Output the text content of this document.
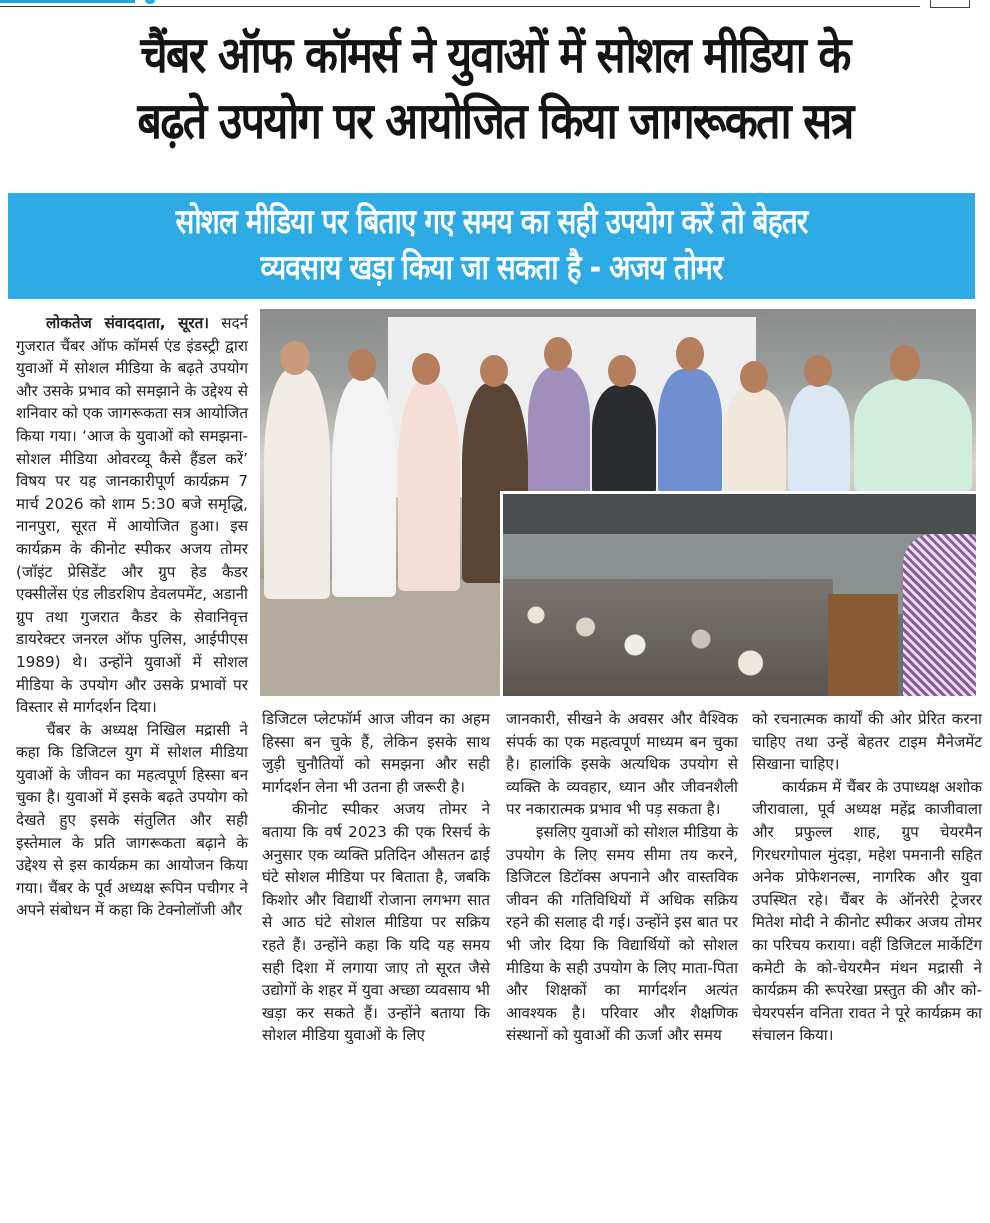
चैंबर ऑफ कॉमर्स ने युवाओं में सोशल मीडिया के
बढ़ते उपयोग पर आयोजित किया जागरूकता सत्र
सोशल मीडिया पर बिताए गए समय का सही उपयोग करें तो बेहतर
व्यवसाय खड़ा किया जा सकता है - अजय तोमर

लोकतेज संवाददाता, सूरत। सदर्न गुजरात चैंबर ऑफ कॉमर्स एंड इंडस्ट्री द्वारा युवाओं में सोशल मीडिया के बढ़ते उपयोग और उसके प्रभाव को समझाने के उद्देश्य से शनिवार को एक जागरूकता सत्र आयोजित किया गया। ‘आज के युवाओं को समझना- सोशल मीडिया ओवरव्यू कैसे हैंडल करें’ विषय पर यह जानकारीपूर्ण कार्यक्रम 7 मार्च 2026 को शाम 5:30 बजे समृद्धि, नानपुरा, सूरत में आयोजित हुआ। इस कार्यक्रम के कीनोट स्पीकर अजय तोमर (जॉइंट प्रेसिडेंट और ग्रुप हेड कैडर एक्सीलेंस एंड लीडरशिप डेवलपमेंट, अडानी ग्रुप तथा गुजरात कैडर के सेवानिवृत्त डायरेक्टर जनरल ऑफ पुलिस, आईपीएस 1989) थे। उन्होंने युवाओं में सोशल मीडिया के उपयोग और उसके प्रभावों पर विस्तार से मार्गदर्शन दिया।

चैंबर के अध्यक्ष निखिल मद्रासी ने कहा कि डिजिटल युग में सोशल मीडिया युवाओं के जीवन का महत्वपूर्ण हिस्सा बन चुका है। युवाओं में इसके बढ़ते उपयोग को देखते हुए इसके संतुलित और सही इस्तेमाल के प्रति जागरूकता बढ़ाने के उद्देश्य से इस कार्यक्रम का आयोजन किया गया। चैंबर के पूर्व अध्यक्ष रूपिन पचीगर ने अपने संबोधन में कहा कि टेक्नोलॉजी और

डिजिटल प्लेटफॉर्म आज जीवन का अहम हिस्सा बन चुके हैं, लेकिन इसके साथ जुड़ी चुनौतियों को समझना और सही मार्गदर्शन लेना भी उतना ही जरूरी है।

कीनोट स्पीकर अजय तोमर ने बताया कि वर्ष 2023 की एक रिसर्च के अनुसार एक व्यक्ति प्रतिदिन औसतन ढाई घंटे सोशल मीडिया पर बिताता है, जबकि किशोर और विद्यार्थी रोजाना लगभग सात से आठ घंटे सोशल मीडिया पर सक्रिय रहते हैं। उन्होंने कहा कि यदि यह समय सही दिशा में लगाया जाए तो सूरत जैसे उद्योगों के शहर में युवा अच्छा व्यवसाय भी खड़ा कर सकते हैं। उन्होंने बताया कि सोशल मीडिया युवाओं के लिए

जानकारी, सीखने के अवसर और वैश्विक संपर्क का एक महत्वपूर्ण माध्यम बन चुका है। हालांकि इसके अत्यधिक उपयोग से व्यक्ति के व्यवहार, ध्यान और जीवनशैली पर नकारात्मक प्रभाव भी पड़ सकता है।

इसलिए युवाओं को सोशल मीडिया के उपयोग के लिए समय सीमा तय करने, डिजिटल डिटॉक्स अपनाने और वास्तविक जीवन की गतिविधियों में अधिक सक्रिय रहने की सलाह दी गई। उन्होंने इस बात पर भी जोर दिया कि विद्यार्थियों को सोशल मीडिया के सही उपयोग के लिए माता-पिता और शिक्षकों का मार्गदर्शन अत्यंत आवश्यक है। परिवार और शैक्षणिक संस्थानों को युवाओं की ऊर्जा और समय

को रचनात्मक कार्यों की ओर प्रेरित करना चाहिए तथा उन्हें बेहतर टाइम मैनेजमेंट सिखाना चाहिए।

कार्यक्रम में चैंबर के उपाध्यक्ष अशोक जीरावाला, पूर्व अध्यक्ष महेंद्र काजीवाला और प्रफुल्ल शाह, ग्रुप चेयरमैन गिरधरगोपाल मुंदड़ा, महेश पमनानी सहित अनेक प्रोफेशनल्स, नागरिक और युवा उपस्थित रहे। चैंबर के ऑनरेरी ट्रेजरर मितेश मोदी ने कीनोट स्पीकर अजय तोमर का परिचय कराया। वहीं डिजिटल मार्केटिंग कमेटी के को-चेयरमैन मंथन मद्रासी ने कार्यक्रम की रूपरेखा प्रस्तुत की और को-चेयरपर्सन वनिता रावत ने पूरे कार्यक्रम का संचालन किया।
